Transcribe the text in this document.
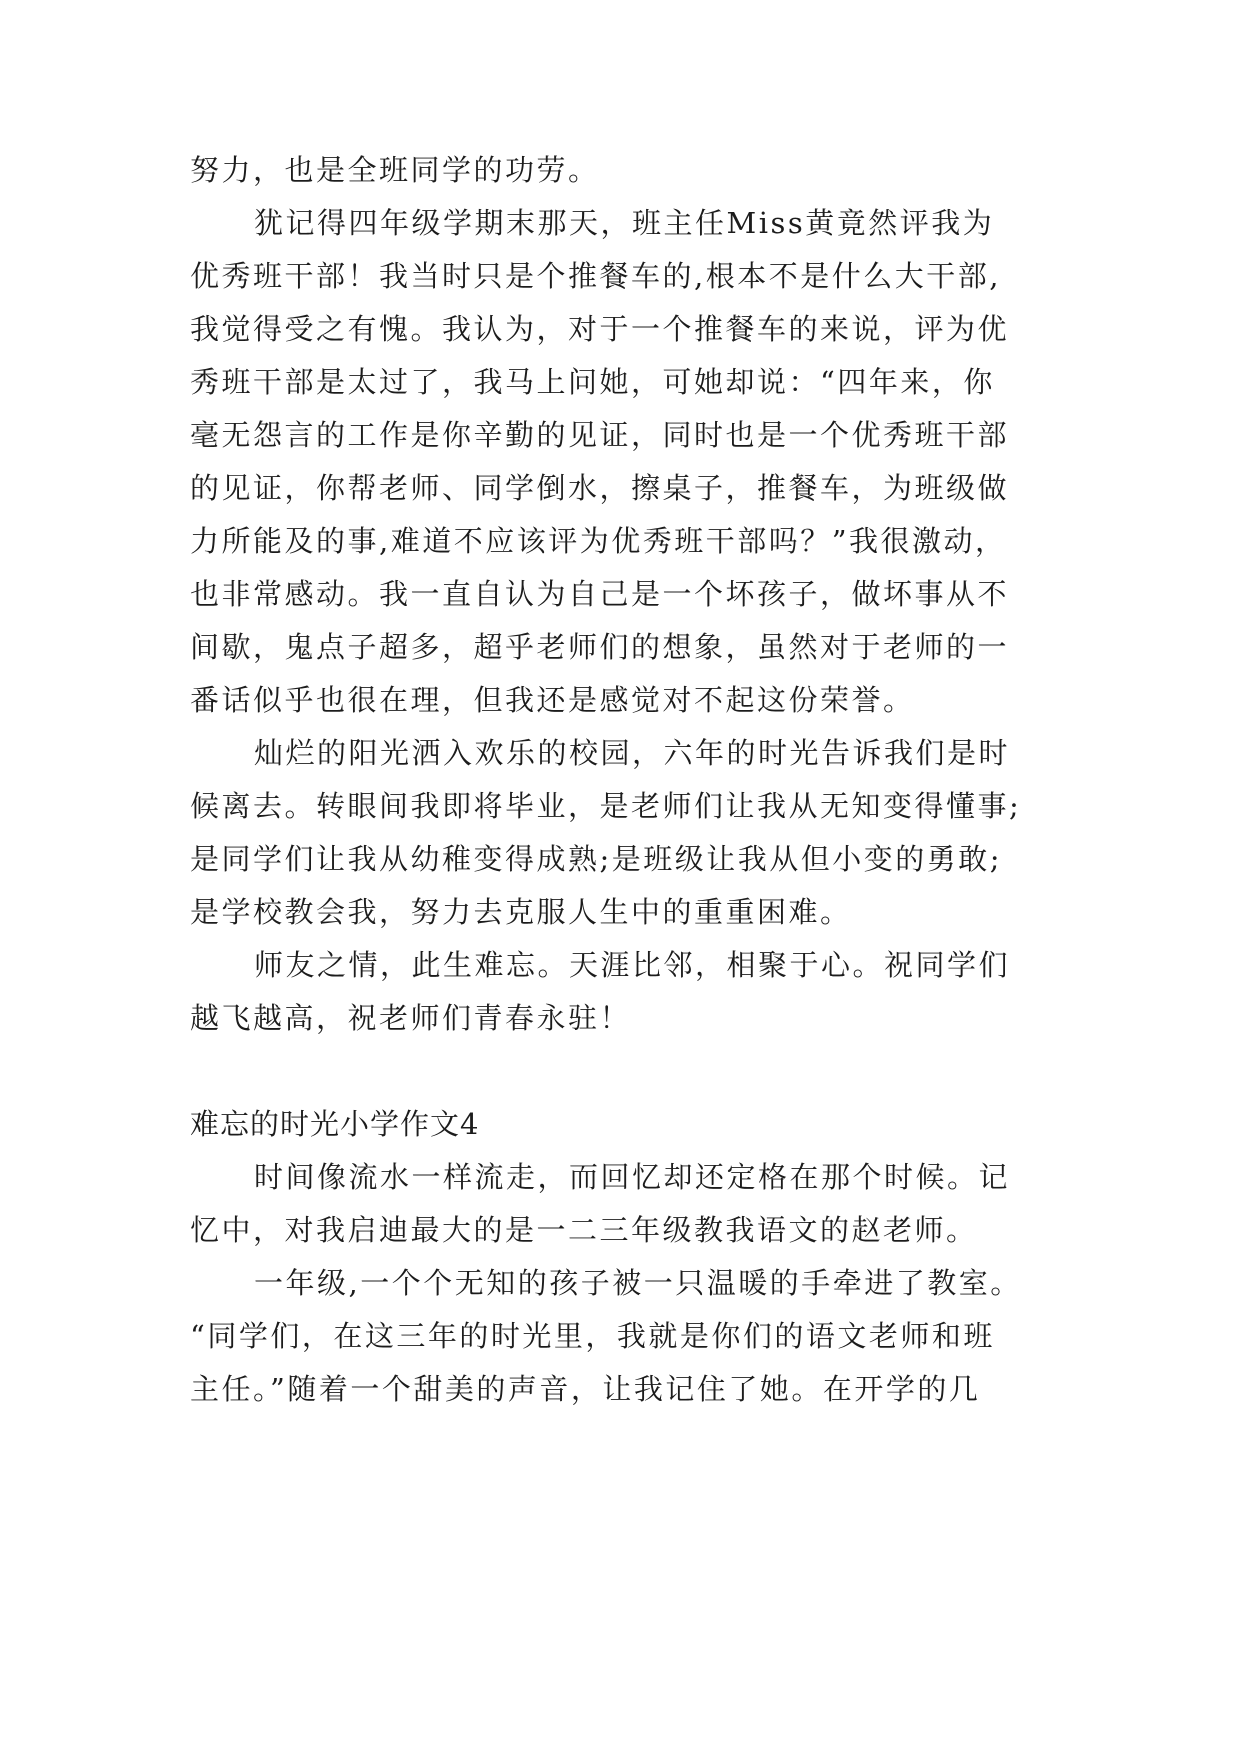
努力，也是全班同学的功劳。
犹记得四年级学期末那天，班主任Miss黄竟然评我为
优秀班干部！我当时只是个推餐车的,根本不是什么大干部,
我觉得受之有愧。我认为，对于一个推餐车的来说，评为优
秀班干部是太过了，我马上问她，可她却说：“四年来，你
毫无怨言的工作是你辛勤的见证，同时也是一个优秀班干部
的见证，你帮老师、同学倒水，擦桌子，推餐车，为班级做
力所能及的事,难道不应该评为优秀班干部吗？”我很激动，
也非常感动。我一直自认为自己是一个坏孩子，做坏事从不
间歇，鬼点子超多，超乎老师们的想象，虽然对于老师的一
番话似乎也很在理，但我还是感觉对不起这份荣誉。
灿烂的阳光洒入欢乐的校园，六年的时光告诉我们是时
候离去。转眼间我即将毕业，是老师们让我从无知变得懂事;
是同学们让我从幼稚变得成熟;是班级让我从但小变的勇敢;
是学校教会我，努力去克服人生中的重重困难。
师友之情，此生难忘。天涯比邻，相聚于心。祝同学们
越飞越高，祝老师们青春永驻！
难忘的时光小学作文4
时间像流水一样流走，而回忆却还定格在那个时候。记
忆中，对我启迪最大的是一二三年级教我语文的赵老师。
一年级,一个个无知的孩子被一只温暖的手牵进了教室。
“同学们，在这三年的时光里，我就是你们的语文老师和班
主任。”随着一个甜美的声音，让我记住了她。在开学的几
